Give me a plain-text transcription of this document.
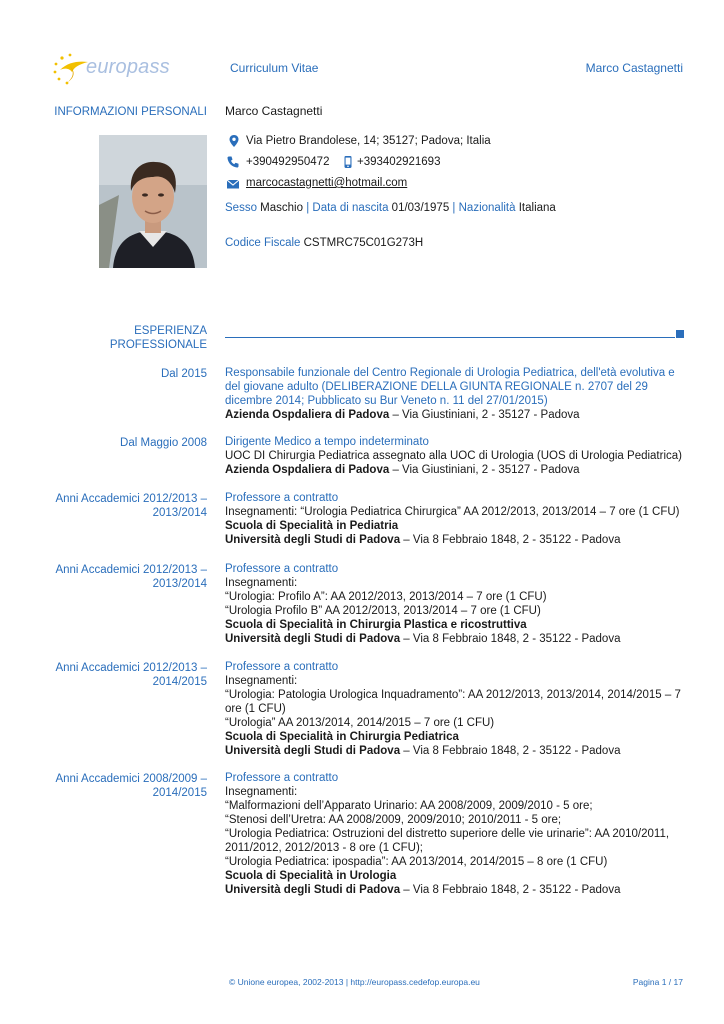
europass	Curriculum Vitae	Marco Castagnetti
INFORMAZIONI PERSONALI Marco Castagnetti
Via Pietro Brandolese, 14; 35127; Padova; Italia
+390492950472 +393402921693
marcocastagnetti@hotmail.com
Sesso Maschio | Data di nascita 01/03/1975 | Nazionalità Italiana
Codice Fiscale CSTMRC75C01G273H
ESPERIENZA
PROFESSIONALE
Dal 2015 Responsabile funzionale del Centro Regionale di Urologia Pediatrica, dell'età evolutiva e
del giovane adulto (DELIBERAZIONE DELLA GIUNTA REGIONALE n. 2707 del 29
dicembre 2014; Pubblicato su Bur Veneto n. 11 del 27/01/2015)
Azienda Ospdaliera di Padova – Via Giustiniani, 2 - 35127 - Padova
Dal Maggio 2008 Dirigente Medico a tempo indeterminato
UOC DI Chirurgia Pediatrica assegnato alla UOC di Urologia (UOS di Urologia Pediatrica)
Azienda Ospdaliera di Padova – Via Giustiniani, 2 - 35127 - Padova
Anni Accademici 2012/2013 –
2013/2014
Professore a contratto
Insegnamenti: “Urologia Pediatrica Chirurgica” AA 2012/2013, 2013/2014 – 7 ore (1 CFU)
Scuola di Specialità in Pediatria
Università degli Studi di Padova – Via 8 Febbraio 1848, 2 - 35122 - Padova
Anni Accademici 2012/2013 –
2013/2014
Professore a contratto
Insegnamenti:
“Urologia: Profilo A”: AA 2012/2013, 2013/2014 – 7 ore (1 CFU)
“Urologia Profilo B” AA 2012/2013, 2013/2014 – 7 ore (1 CFU)
Scuola di Specialità in Chirurgia Plastica e ricostruttiva
Università degli Studi di Padova – Via 8 Febbraio 1848, 2 - 35122 - Padova
Anni Accademici 2012/2013 –
2014/2015
Professore a contratto
Insegnamenti:
“Urologia: Patologia Urologica Inquadramento”: AA 2012/2013, 2013/2014, 2014/2015 – 7
ore (1 CFU)
“Urologia” AA 2013/2014, 2014/2015 – 7 ore (1 CFU)
Scuola di Specialità in Chirurgia Pediatrica
Università degli Studi di Padova – Via 8 Febbraio 1848, 2 - 35122 - Padova
Anni Accademici 2008/2009 –
2014/2015
Professore a contratto
Insegnamenti:
“Malformazioni dell’Apparato Urinario: AA 2008/2009, 2009/2010 - 5 ore;
“Stenosi dell’Uretra: AA 2008/2009, 2009/2010; 2010/2011 - 5 ore;
“Urologia Pediatrica: Ostruzioni del distretto superiore delle vie urinarie”: AA 2010/2011,
2011/2012, 2012/2013 - 8 ore (1 CFU);
“Urologia Pediatrica: ipospadia”: AA 2013/2014, 2014/2015 – 8 ore (1 CFU)
Scuola di Specialità in Urologia
Università degli Studi di Padova – Via 8 Febbraio 1848, 2 - 35122 - Padova
© Unione europea, 2002-2013 | http://europass.cedefop.europa.eu	Pagina 1 / 17
